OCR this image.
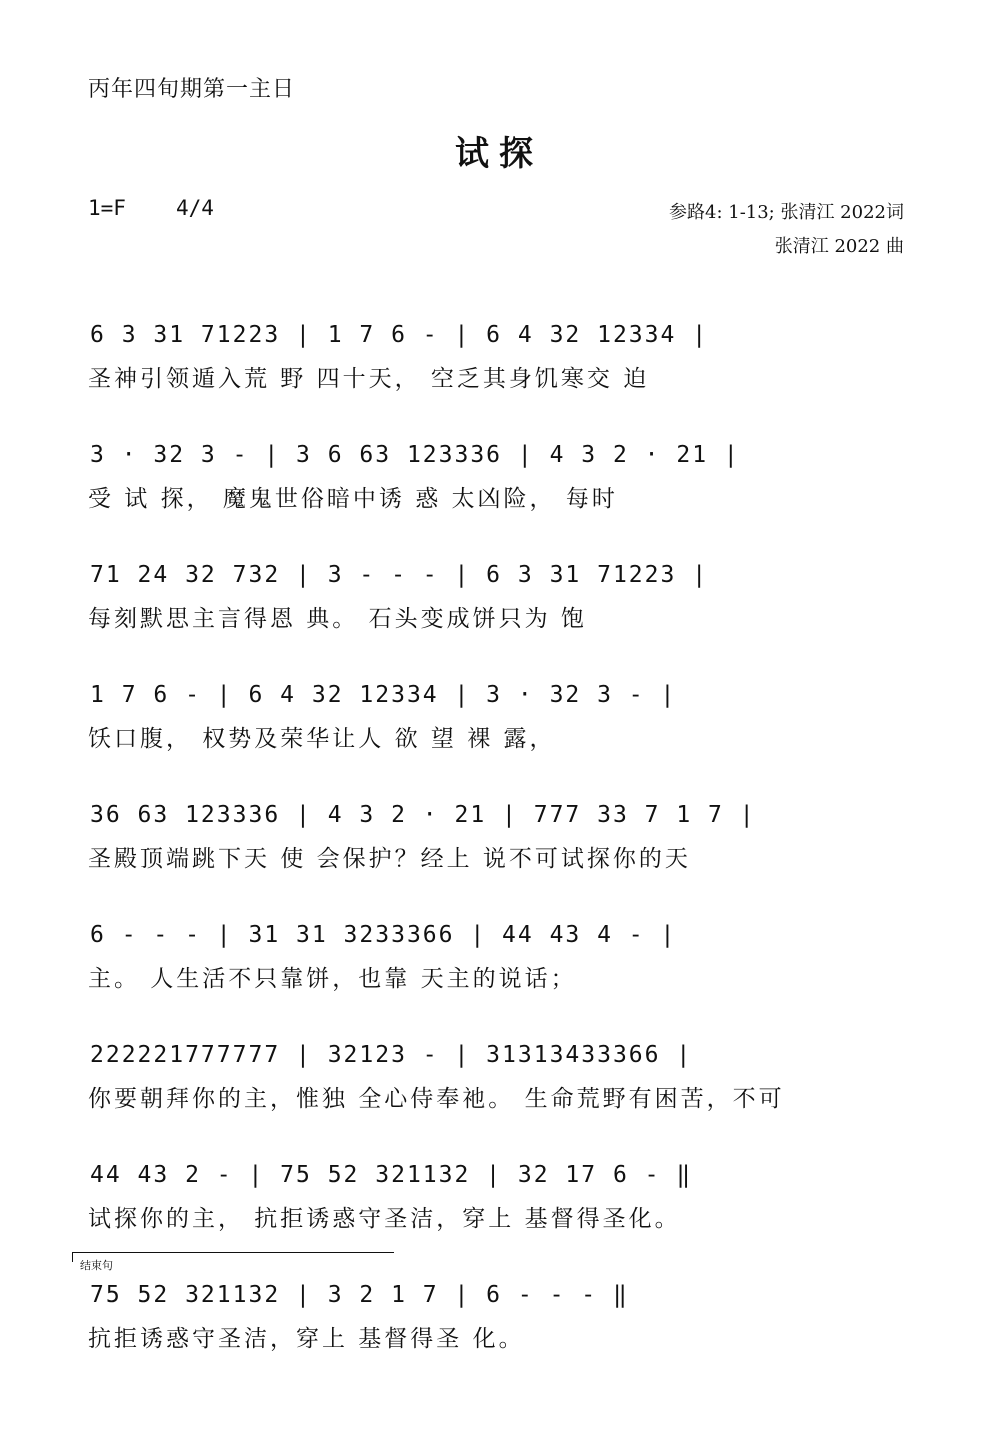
丙年四旬期第一主日
试探
1=F 4/4	参路4: 1-13; 张清江 2022词
张清江 2022 曲
6 3 31 71223 | 1 7 6 - | 6 4 32 12334 |
圣神引领遁入荒 野 四十天， 空乏其身饥寒交 迫
3 · 32 3 - | 3 6 63 123336 | 4 3 2 · 21 |
受 试 探， 魔鬼世俗暗中诱 惑 太凶险， 每时
71 24 32 732 | 3 - - - | 6 3 31 71223 |
每刻默思主言得恩 典。 石头变成饼只为 饱
1 7 6 - | 6 4 32 12334 | 3 · 32 3 - |
饫口腹， 权势及荣华让人 欲 望 裸 露，
36 63 123336 | 4 3 2 · 21 | 777 33 7 1 7 |
圣殿顶端跳下天 使 会保护？经上 说不可试探你的天
6 - - - | 31 31 3233366 | 44 43 4 - |
主。 人生活不只靠饼，也靠 天主的说话；
222221777777 | 32123 - | 31313433366 |
你要朝拜你的主，惟独 全心侍奉祂。 生命荒野有困苦，不可
44 43 2 - | 75 52 321132 | 32 17 6 - ‖
试探你的主， 抗拒诱惑守圣洁，穿上 基督得圣化。
75 52 321132 | 3 2 1 7 | 6 - - - ‖
抗拒诱惑守圣洁，穿上 基督得圣 化。
结束句
